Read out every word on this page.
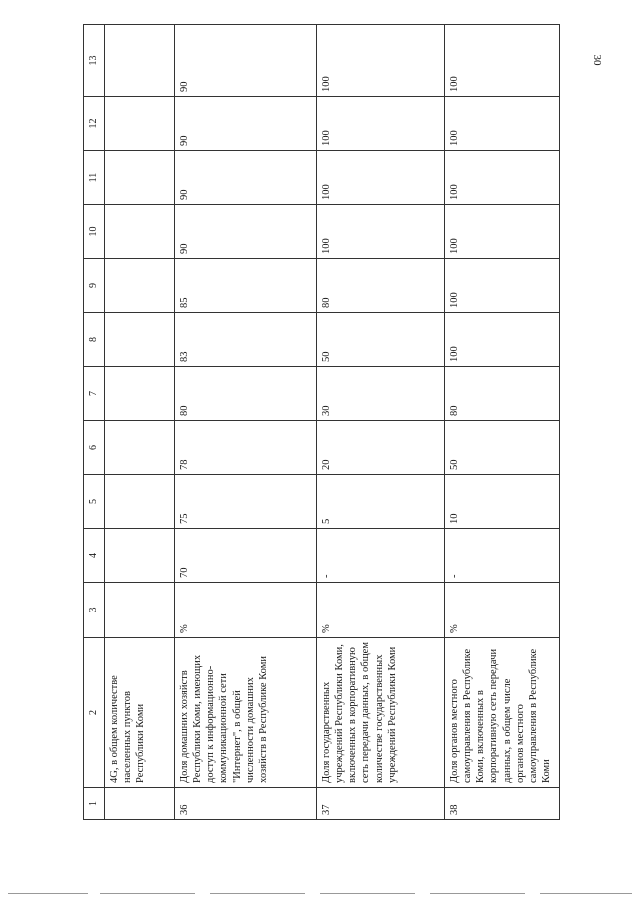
30
1	2	3	4	5	6	7	8	9	10	11	12	13
	4G, в общем количестве населенных пунктов Республики Коми											
36	Доля домашних хозяйств Республики Коми, имеющих доступ к информационно-коммуникационной сети "Интернет", в общей численности домашних хозяйств в Республике Коми	%	70	75	78	80	83	85	90	90	90	90
37	Доля государственных учреждений Республики Коми, включенных в корпоративную сеть передачи данных, в общем количестве государственных учреждений Республики Коми	%	-	5	20	30	50	80	100	100	100	100
38	Доля органов местного самоуправления в Республике Коми, включенных в корпоративную сеть передачи данных, в общем числе органов местного самоуправления в Республике Коми	%	-	10	50	80	100	100	100	100	100	100
